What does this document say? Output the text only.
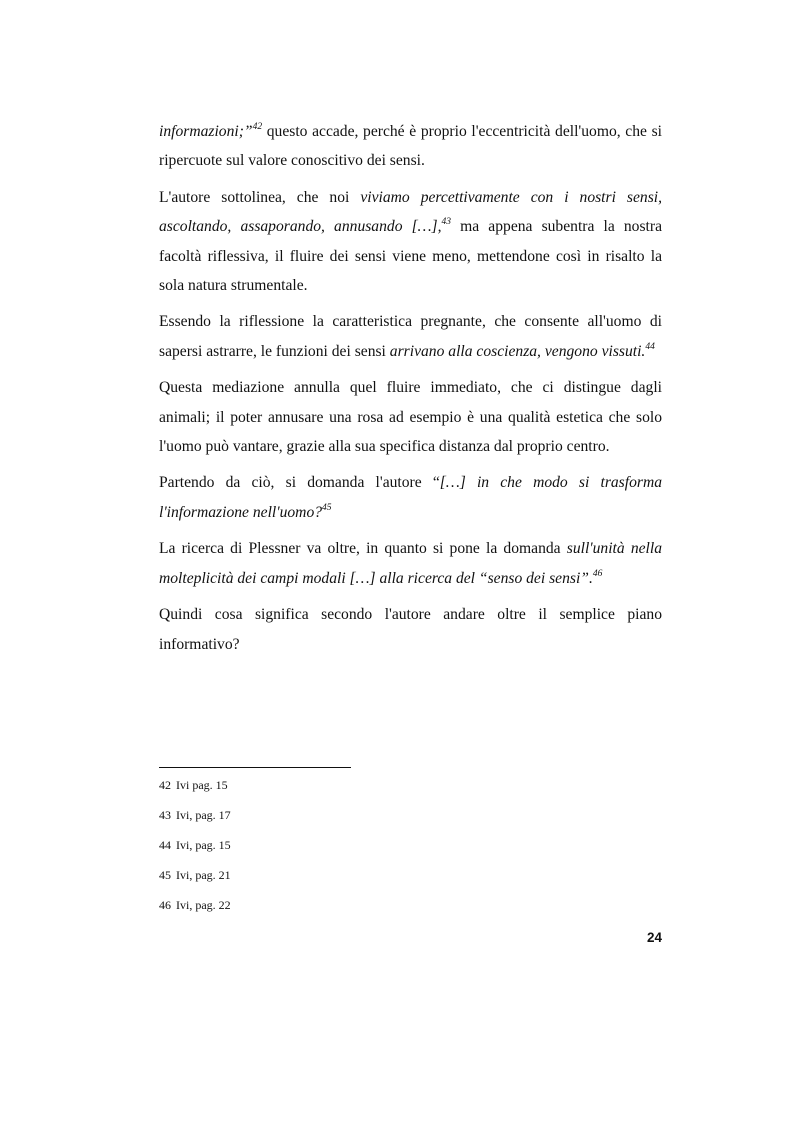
informazioni;”$^{42}$ questo accade, perché è proprio l'eccentricità dell'uomo, che si ripercuote sul valore conoscitivo dei sensi.

L'autore sottolinea, che noi viviamo percettivamente con i nostri sensi, ascoltando, assaporando, annusando […],$^{43}$ ma appena subentra la nostra facoltà riflessiva, il fluire dei sensi viene meno, mettendone così in risalto la sola natura strumentale.

Essendo la riflessione la caratteristica pregnante, che consente all'uomo di sapersi astrarre, le funzioni dei sensi arrivano alla coscienza, vengono vissuti.$^{44}$

Questa mediazione annulla quel fluire immediato, che ci distingue dagli animali; il poter annusare una rosa ad esempio è una qualità estetica che solo l'uomo può vantare, grazie alla sua specifica distanza dal proprio centro.

Partendo da ciò, si domanda l'autore “[…] in che modo si trasforma l'informazione nell'uomo?$^{45}$

La ricerca di Plessner va oltre, in quanto si pone la domanda sull'unità nella molteplicità dei campi modali […] alla ricerca del “senso dei sensi”.$^{46}$

Quindi cosa significa secondo l'autore andare oltre il semplice piano informativo?

42 Ivi pag. 15
43 Ivi, pag. 17
44 Ivi, pag. 15
45 Ivi, pag. 21
46 Ivi, pag. 22
24
